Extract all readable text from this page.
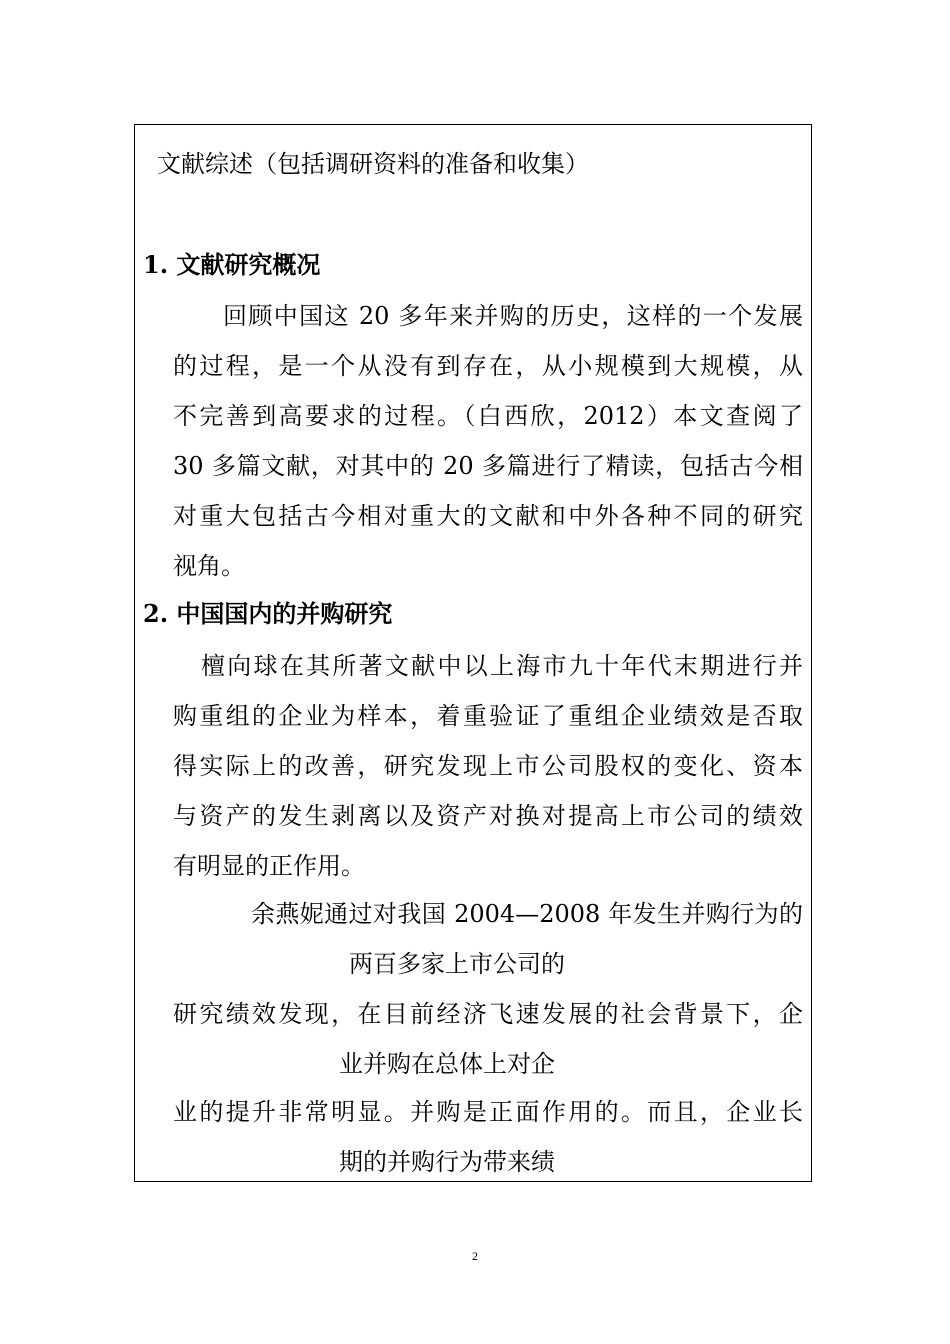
文献综述（包括调研资料的准备和收集）
1. 文献研究概况
回顾中国这 20 多年来并购的历史，这样的一个发展
的过程，是一个从没有到存在，从小规模到大规模，从
不完善到高要求的过程。（白西欣，2012）本文查阅了
30 多篇文献，对其中的 20 多篇进行了精读，包括古今相
对重大包括古今相对重大的文献和中外各种不同的研究
视角。
2. 中国国内的并购研究
檀向球在其所著文献中以上海市九十年代末期进行并
购重组的企业为样本，着重验证了重组企业绩效是否取
得实际上的改善，研究发现上市公司股权的变化、资本
与资产的发生剥离以及资产对换对提高上市公司的绩效
有明显的正作用。
余燕妮通过对我国 2004—2008 年发生并购行为的
两百多家上市公司的
研究绩效发现，在目前经济飞速发展的社会背景下，企
业并购在总体上对企
业的提升非常明显。并购是正面作用的。而且，企业长
期的并购行为带来绩
2
